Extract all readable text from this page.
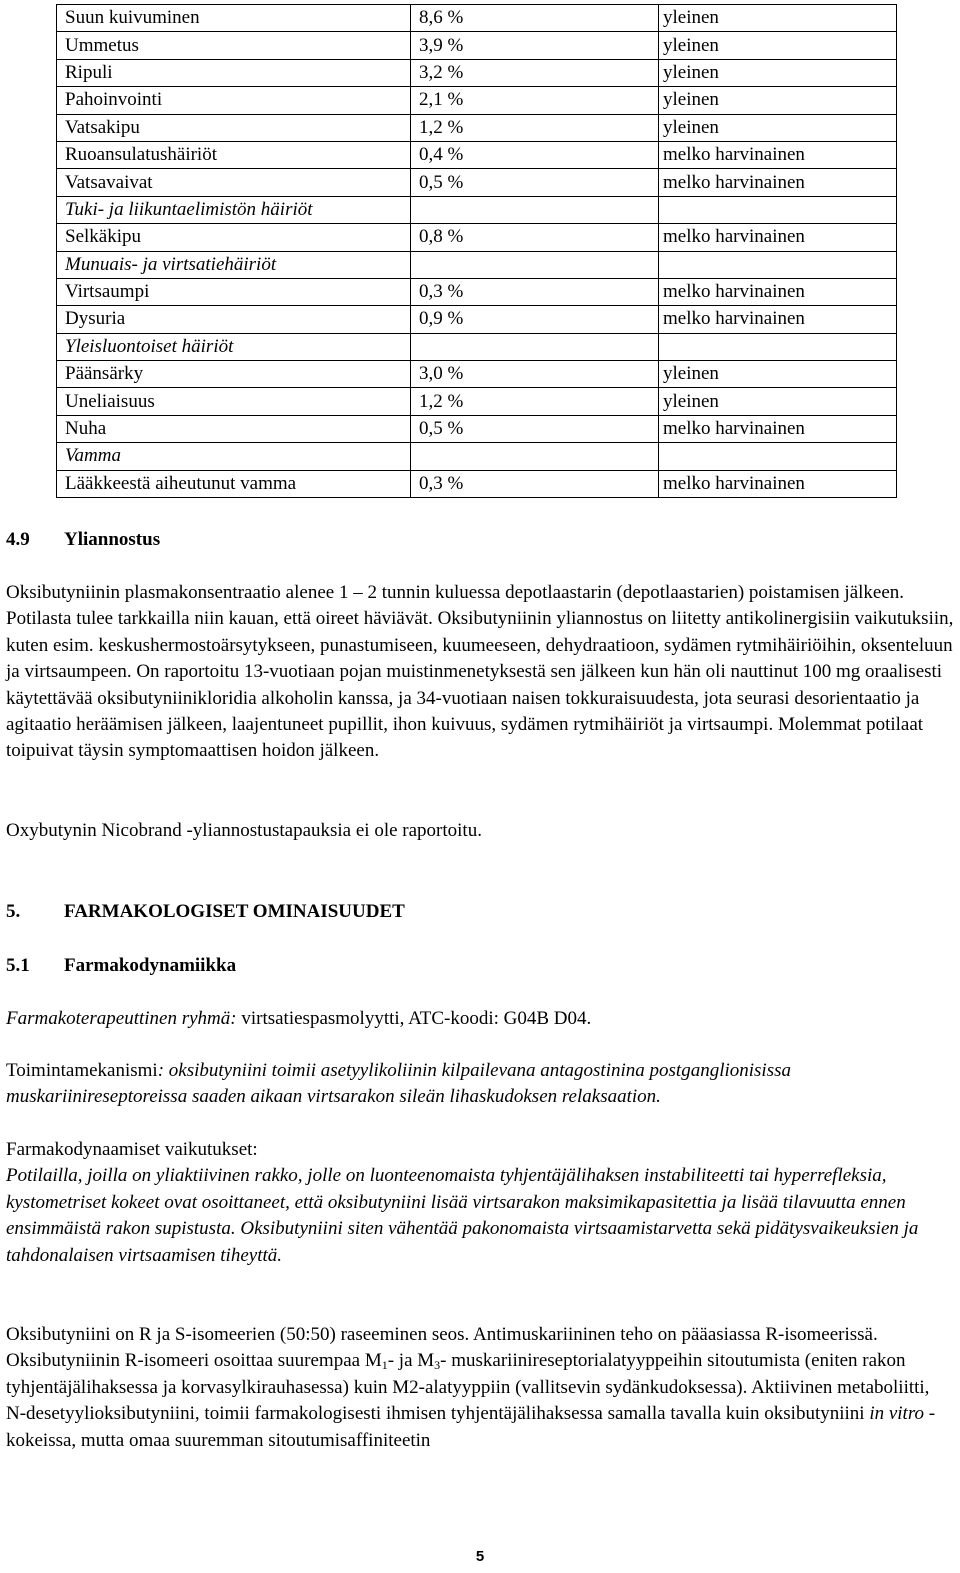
Suun kuivuminen	8,6 %	yleinen
Ummetus	3,9 %	yleinen
Ripuli	3,2 %	yleinen
Pahoinvointi	2,1 %	yleinen
Vatsakipu	1,2 %	yleinen
Ruoansulatushäiriöt	0,4 %	melko harvinainen
Vatsavaivat	0,5 %	melko harvinainen
Tuki- ja liikuntaelimistön häiriöt		
Selkäkipu	0,8 %	melko harvinainen
Munuais- ja virtsatiehäiriöt		
Virtsaumpi	0,3 %	melko harvinainen
Dysuria	0,9 %	melko harvinainen
Yleisluontoiset häiriöt		
Päänsärky	3,0 %	yleinen
Uneliaisuus	1,2 %	yleinen
Nuha	0,5 %	melko harvinainen
Vamma		
Lääkkeestä aiheutunut vamma	0,3 %	melko harvinainen
4.9 Yliannostus
Oksibutyniinin plasmakonsentraatio alenee 1 – 2 tunnin kuluessa depotlaastarin (depotlaastarien) poistamisen jälkeen. Potilasta tulee tarkkailla niin kauan, että oireet häviävät. Oksibutyniinin yliannostus on liitetty antikolinergisiin vaikutuksiin, kuten esim. keskushermostoärsytykseen, punastumiseen, kuumeeseen, dehydraatioon, sydämen rytmihäiriöihin, oksenteluun ja virtsaumpeen. On raportoitu 13-vuotiaan pojan muistinmenetyksestä sen jälkeen kun hän oli nauttinut 100 mg oraalisesti käytettävää oksibutyniinikloridia alkoholin kanssa, ja 34-vuotiaan naisen tokkuraisuudesta, jota seurasi desorientaatio ja agitaatio heräämisen jälkeen, laajentuneet pupillit, ihon kuivuus, sydämen rytmihäiriöt ja virtsaumpi. Molemmat potilaat toipuivat täysin symptomaattisen hoidon jälkeen.
Oxybutynin Nicobrand -yliannostustapauksia ei ole raportoitu.
5. FARMAKOLOGISET OMINAISUUDET
5.1 Farmakodynamiikka
Farmakoterapeuttinen ryhmä: virtsatiespasmolyytti, ATC-koodi: G04B D04.
Toimintamekanismi: oksibutyniini toimii asetyylikoliinin kilpailevana antagostinina postganglionisissa muskariinireseptoreissa saaden aikaan virtsarakon sileän lihaskudoksen relaksaation.
Farmakodynaamiset vaikutukset:
Potilailla, joilla on yliaktiivinen rakko, jolle on luonteenomaista tyhjentäjälihaksen instabiliteetti tai hyperrefleksia, kystometriset kokeet ovat osoittaneet, että oksibutyniini lisää virtsarakon maksimikapasitettia ja lisää tilavuutta ennen ensimmäistä rakon supistusta. Oksibutyniini siten vähentää pakonomaista virtsaamistarvetta sekä pidätysvaikeuksien ja tahdonalaisen virtsaamisen tiheyttä.
Oksibutyniini on R ja S-isomeerien (50:50) raseeminen seos. Antimuskariininen teho on pääasiassa R-isomeerissä. Oksibutyniinin R-isomeeri osoittaa suurempaa $M_1-$ ja $M_3-$ muskariinireseptorialatyyppeihin sitoutumista (eniten rakon tyhjentäjälihaksessa ja korvasylkirauhasessa) kuin M2-alatyyppiin (vallitsevin sydänkudoksessa). Aktiivinen metaboliitti, N-desetyylioksibutyniini, toimii farmakologisesti ihmisen tyhjentäjälihaksessa samalla tavalla kuin oksibutyniini in vitro -kokeissa, mutta omaa suuremman sitoutumisaffiniteetin
5
